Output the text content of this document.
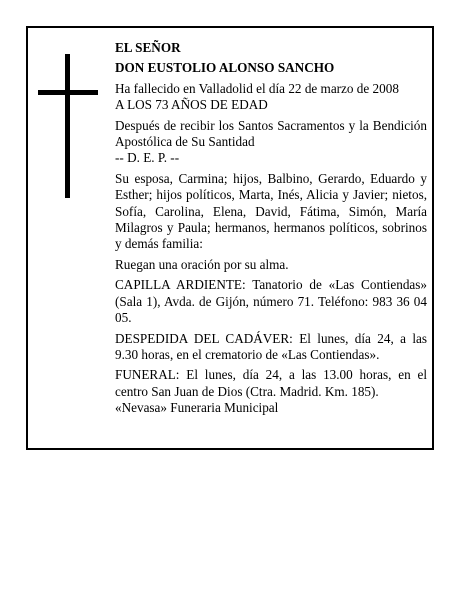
EL SEÑOR
DON EUSTOLIO ALONSO SANCHO
Ha fallecido en Valladolid el día 22 de marzo de 2008
A LOS 73 AÑOS DE EDAD
Después de recibir los Santos Sacramentos y la Bendición Apostólica de Su Santidad
-- D. E. P. --
Su esposa, Carmina; hijos, Balbino, Gerardo, Eduardo y Esther; hijos políticos, Marta, Inés, Alicia y Javier; nietos, Sofía, Carolina, Elena, David, Fátima, Simón, María Milagros y Paula; hermanos, hermanos políticos, sobrinos y demás familia:
Ruegan una oración por su alma.
CAPILLA ARDIENTE: Tanatorio de «Las Contiendas» (Sala 1), Avda. de Gijón, número 71. Teléfono: 983 36 04 05.
DESPEDIDA DEL CADÁVER: El lunes, día 24, a las 9.30 horas, en el crematorio de «Las Contiendas».
FUNERAL: El lunes, día 24, a las 13.00 horas, en el centro San Juan de Dios (Ctra. Madrid. Km. 185).
«Nevasa» Funeraria Municipal
